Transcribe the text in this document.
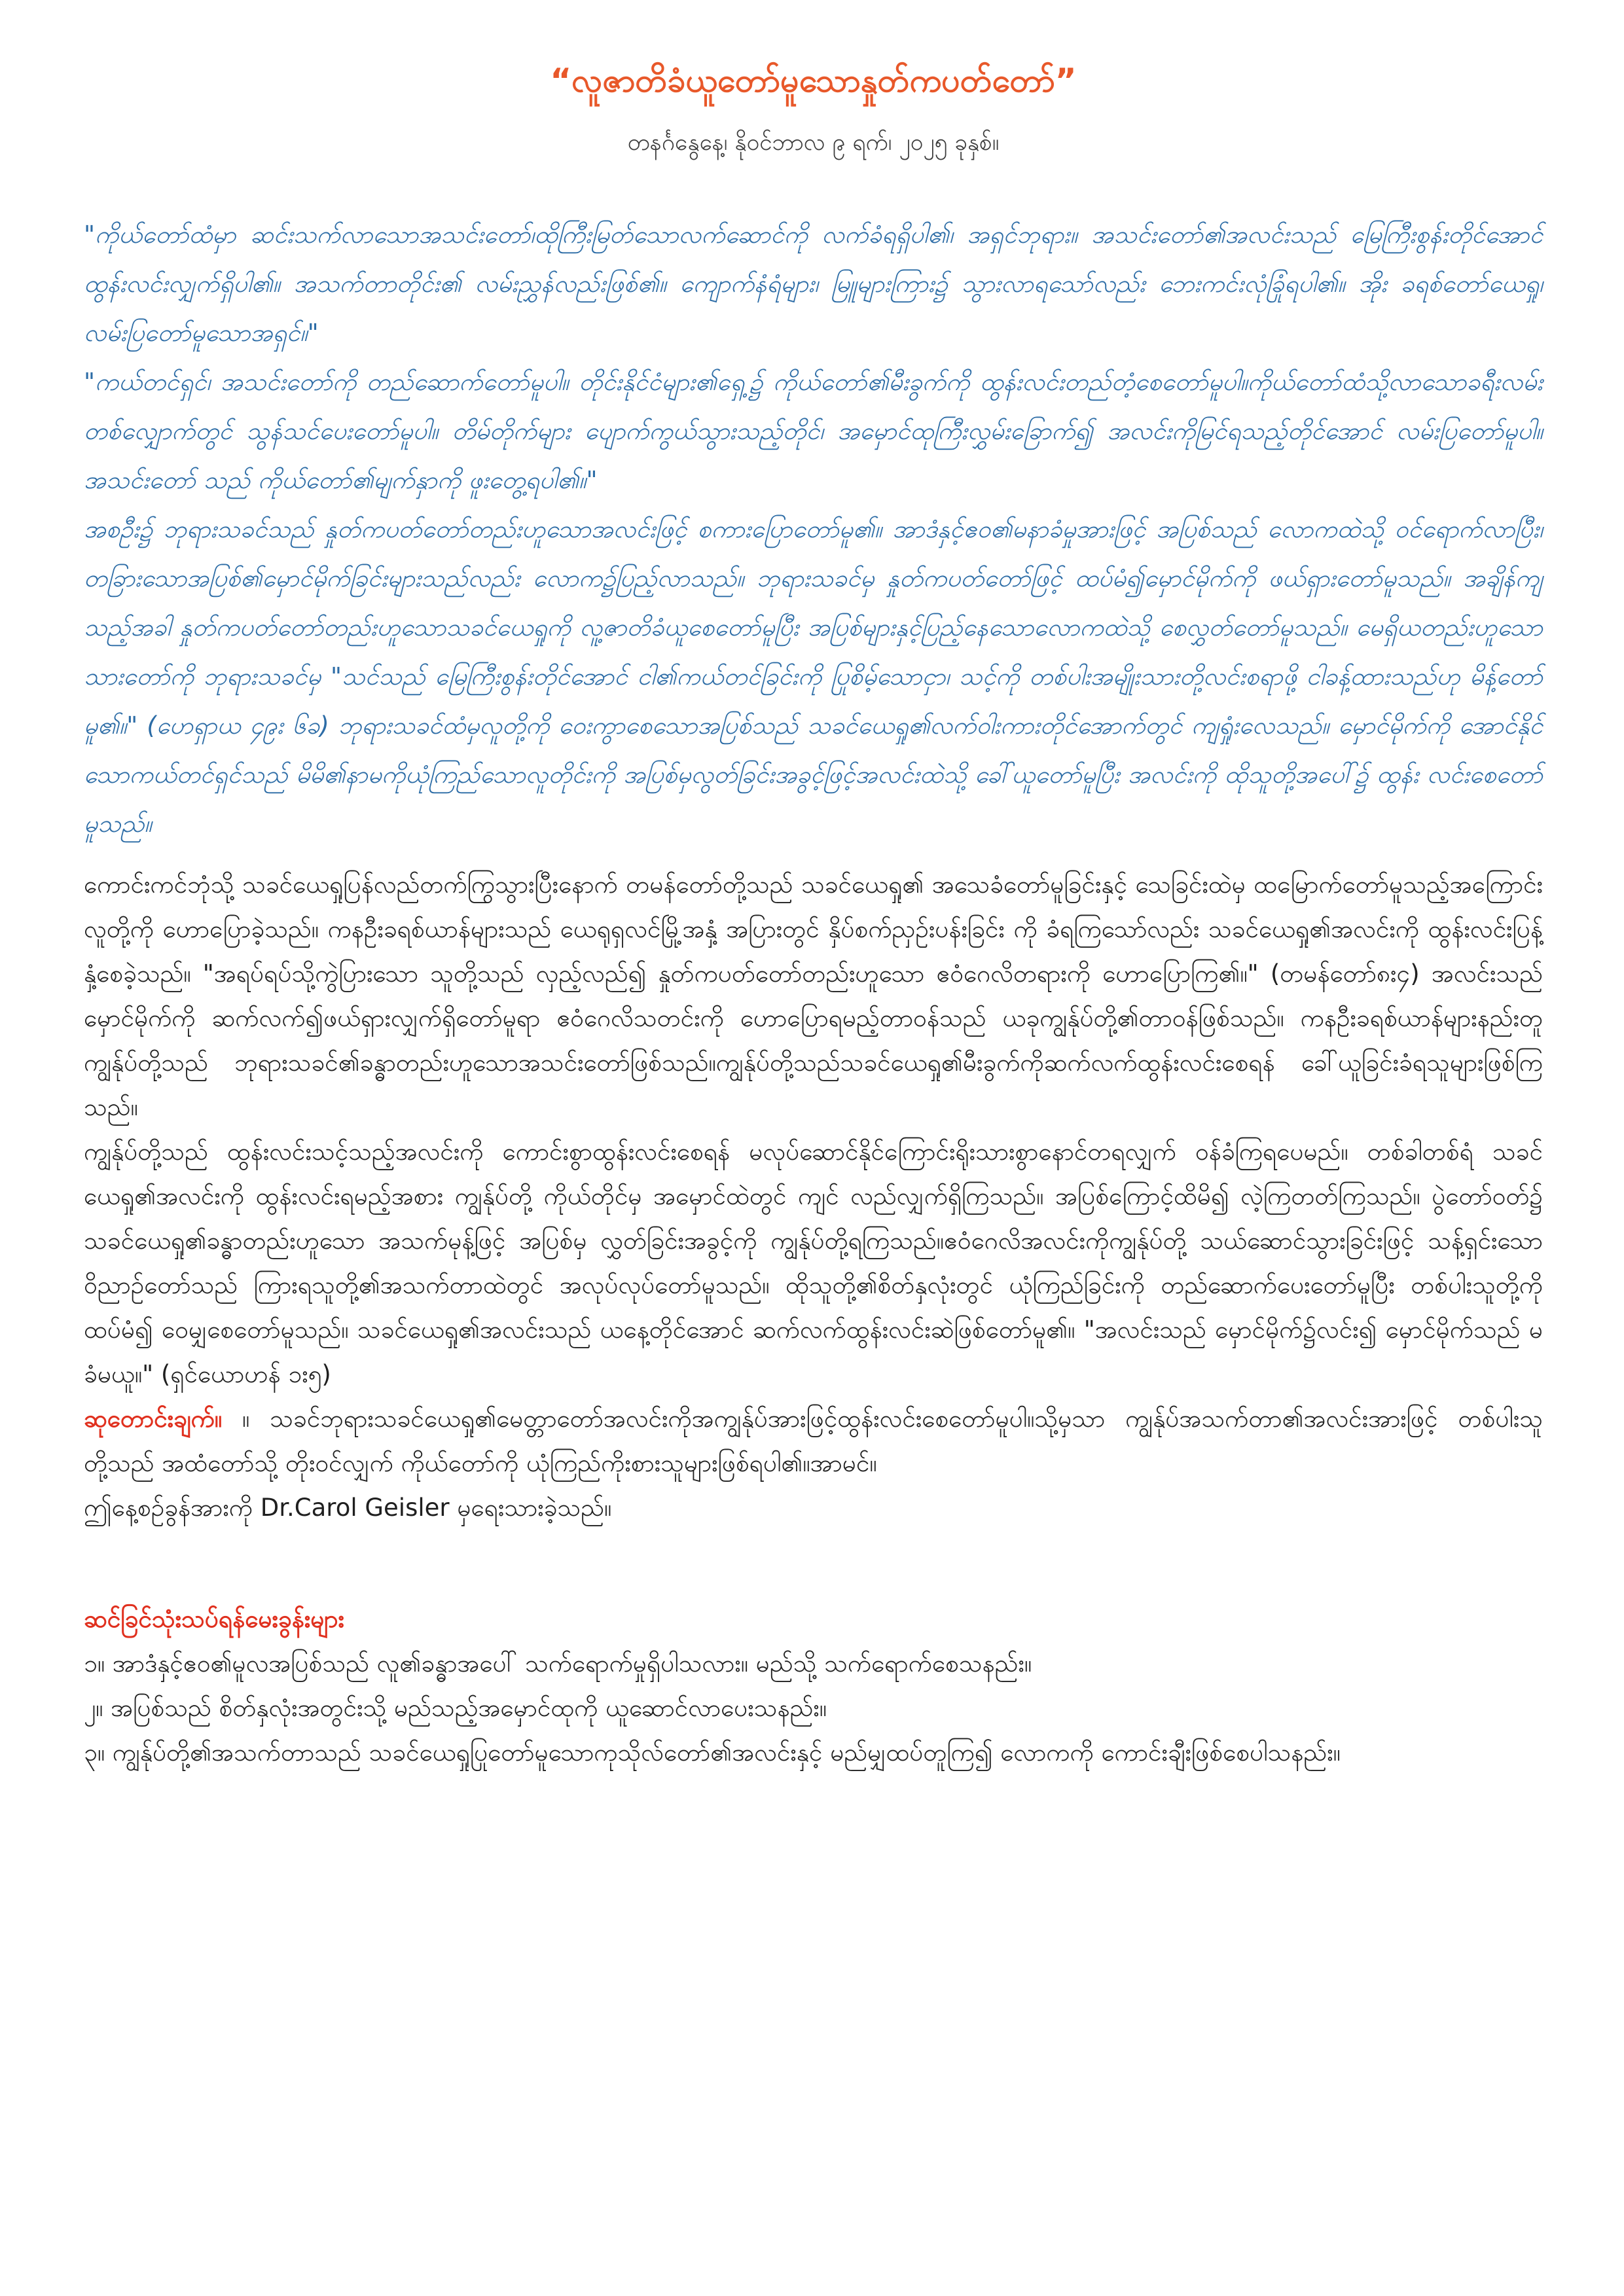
“လူဇာတိခံယူတော်မူသောနှုတ်ကပတ်တော်”
တနင်္ဂနွေနေ့၊ နိုဝင်ဘာလ ၉ ရက်၊ ၂၀၂၅ ခုနှစ်။

"ကိုယ်တော်ထံမှာ ဆင်းသက်လာသောအသင်းတော်၊ထိုကြီးမြတ်သောလက်ဆောင်ကို လက်ခံရရှိပါ၏၊ အရှင်ဘုရား။ အသင်းတော်၏အလင်းသည် မြေကြီးစွန်းတိုင်အောင် ထွန်းလင်းလျှက်ရှိပါ၏။ အသက်တာတိုင်း၏ လမ်းညွှန်လည်းဖြစ်၏။ ကျောက်နံရံများ၊ မြူများကြား၌ သွားလာရသော်လည်း ဘေးကင်းလုံခြုံရပါ၏။ အိုး ခရစ်တော်ယေရှု၊ လမ်းပြတော်မူသောအရှင်။"

"ကယ်တင်ရှင်၊ အသင်းတော်ကို တည်ဆောက်တော်မူပါ။ တိုင်းနိုင်ငံများ၏ရှေ့၌ ကိုယ်တော်၏မီးခွက်ကို ထွန်းလင်းတည်တံ့စေတော်မူပါ။ကိုယ်တော်ထံသို့လာသောခရီးလမ်းတစ်လျှောက်တွင် သွန်သင်ပေးတော်မူပါ။ တိမ်တိုက်များ ပျောက်ကွယ်သွားသည့်တိုင်၊ အမှောင်ထုကြီးလွှမ်းခြောက်၍ အလင်းကိုမြင်ရသည့်တိုင်အောင် လမ်းပြတော်မူပါ။ အသင်းတော် သည် ကိုယ်တော်၏မျက်နှာကို ဖူးတွေ့ရပါ၏။"

အစဦး၌ ဘုရားသခင်သည် နှုတ်ကပတ်တော်တည်းဟူသောအလင်းဖြင့် စကားပြောတော်မူ၏။ အာဒံနှင့်ဧဝ၏မနာခံမှုအားဖြင့် အပြစ်သည် လောကထဲသို့ ဝင်ရောက်လာပြီး၊ တခြားသောအပြစ်၏မှောင်မိုက်ခြင်းများသည်လည်း လောက၌ပြည့်လာသည်။ ဘုရားသခင်မှ နှုတ်ကပတ်တော်ဖြင့် ထပ်မံ၍မှောင်မိုက်ကို ဖယ်ရှားတော်မူသည်။ အချိန်ကျသည့်အခါ နှုတ်ကပတ်တော်တည်းဟူသောသခင်ယေရှုကို လူ့ဇာတိခံယူစေတော်မူပြီး အပြစ်များနှင့်ပြည့်နေသောလောကထဲသို့ စေလွှတ်တော်မူသည်။ မေရှိယတည်းဟူသောသားတော်ကို ဘုရားသခင်မှ "သင်သည် မြေကြီးစွန်းတိုင်အောင် ငါ၏ကယ်တင်ခြင်းကို ပြုစိမ့်သောငှာ၊ သင့်ကို တစ်ပါးအမျိုးသားတို့လင်းစရာဖို့ ငါခန့်ထားသည်ဟု မိန့်တော်မူ၏။" (ဟေရှာယ ၄၉း ၆ခ) ဘုရားသခင်ထံမှလူတို့ကို ဝေးကွာစေသောအပြစ်သည် သခင်ယေရှု၏လက်ဝါးကားတိုင်အောက်တွင် ကျရှုံးလေသည်။ မှောင်မိုက်ကို အောင်နိုင်သောကယ်တင်ရှင်သည် မိမိ၏နာမကိုယုံကြည်သောလူတိုင်းကို အပြစ်မှလွတ်ခြင်းအခွင့်ဖြင့်အလင်းထဲသို့ ခေါ်ယူတော်မူပြီး အလင်းကို ထိုသူတို့အပေါ်၌ ထွန်း လင်းစေတော်မူသည်။

ကောင်းကင်ဘုံသို့ သခင်ယေရှုပြန်လည်တက်ကြွသွားပြီးနောက် တမန်တော်တို့သည် သခင်ယေရှု၏ အသေခံတော်မူခြင်းနှင့် သေခြင်းထဲမှ ထမြောက်တော်မူသည့်အကြောင်း လူတို့ကို ဟောပြောခဲ့သည်။ ကနဦးခရစ်ယာန်များသည် ယေရုရှလင်မြို့အနှံ့ အပြားတွင် နှိပ်စက်ညှဉ်းပန်းခြင်း ကို ခံရကြသော်လည်း သခင်ယေရှု၏အလင်းကို ထွန်းလင်းပြန့်နှံ့စေခဲ့သည်။ "အရပ်ရပ်သို့ကွဲပြားသော သူတို့သည် လှည့်လည်၍ နှုတ်ကပတ်တော်တည်းဟူသော ဧဝံဂေလိတရားကို ဟောပြောကြ၏။" (တမန်တော်၈း၄) အလင်းသည် မှောင်မိုက်ကို ဆက်လက်၍ဖယ်ရှားလျှက်ရှိတော်မူရာ ဧဝံဂေလိသတင်းကို ဟောပြောရမည့်တာဝန်သည် ယခုကျွန်ုပ်တို့၏တာဝန်ဖြစ်သည်။ ကနဦးခရစ်ယာန်များနည်းတူ ကျွန်ုပ်တို့သည် ဘုရားသခင်၏ခန္ဓာတည်းဟူသောအသင်းတော်ဖြစ်သည်။ကျွန်ုပ်တို့သည်သခင်ယေရှု၏မီးခွက်ကိုဆက်လက်ထွန်းလင်းစေရန် ခေါ်ယူခြင်းခံရသူများဖြစ်ကြသည်။

ကျွန်ုပ်တို့သည် ထွန်းလင်းသင့်သည့်အလင်းကို ကောင်းစွာထွန်းလင်းစေရန် မလုပ်ဆောင်နိုင်ကြောင်းရိုးသားစွာနောင်တရလျှက် ဝန်ခံကြရပေမည်။ တစ်ခါတစ်ရံ သခင်ယေရှု၏အလင်းကို ထွန်းလင်းရမည့်အစား ကျွန်ုပ်တို့ ကိုယ်တိုင်မှ အမှောင်ထဲတွင် ကျင် လည်လျှက်ရှိကြသည်။ အပြစ်ကြောင့်ထိမိ၍ လဲ့ကြတတ်ကြသည်။ ပွဲတော်ဝတ်၌ သခင်ယေရှု၏ခန္ဓာတည်းဟူသော အသက်မုန့်ဖြင့် အပြစ်မှ လွှတ်ခြင်းအခွင့်ကို ကျွန်ုပ်တို့ရကြသည်။ဧဝံဂေလိအလင်းကိုကျွန်ုပ်တို့ သယ်ဆောင်သွားခြင်းဖြင့် သန့်ရှင်းသောဝိညာဉ်တော်သည် ကြားရသူတို့၏အသက်တာထဲတွင် အလုပ်လုပ်တော်မူသည်။ ထိုသူတို့၏စိတ်နှလုံးတွင် ယုံကြည်ခြင်းကို တည်ဆောက်ပေးတော်မူပြီး တစ်ပါးသူတို့ကို ထပ်မံ၍ ဝေမျှစေတော်မူသည်။ သခင်ယေရှု၏အလင်းသည် ယနေ့တိုင်အောင် ဆက်လက်ထွန်းလင်းဆဲဖြစ်တော်မူ၏။ "အလင်းသည် မှောင်မိုက်၌လင်း၍ မှောင်မိုက်သည် မခံမယူ။" (ရှင်ယောဟန် ၁း၅)

ဆုတောင်းချက်။ ။ သခင်ဘုရားသခင်ယေရှု၏မေတ္တာတော်အလင်းကိုအကျွန်ုပ်အားဖြင့်ထွန်းလင်းစေတော်မူပါ။သို့မှသာ ကျွန်ုပ်အသက်တာ၏အလင်းအားဖြင့် တစ်ပါးသူတို့သည် အထံတော်သို့ တိုးဝင်လျှက် ကိုယ်တော်ကို ယုံကြည်ကိုးစားသူများဖြစ်ရပါ၏။အာမင်။

ဤနေ့စဉ်ခွန်အားကို Dr.Carol Geisler မှရေးသားခဲ့သည်။

ဆင်ခြင်သုံးသပ်ရန်မေးခွန်းများ

၁။ အာဒံနှင့်ဧဝ၏မူလအပြစ်သည် လူ၏ခန္ဓာအပေါ် သက်ရောက်မှုရှိပါသလား။ မည်သို့ သက်ရောက်စေသနည်း။

၂။ အပြစ်သည် စိတ်နှလုံးအတွင်းသို့ မည်သည့်အမှောင်ထုကို ယူဆောင်လာပေးသနည်း။

၃။ ကျွန်ုပ်တို့၏အသက်တာသည် သခင်ယေရှုပြုတော်မူသောကုသိုလ်တော်၏အလင်းနှင့် မည်မျှထပ်တူကြ၍ လောကကို ကောင်းချီးဖြစ်စေပါသနည်း။
